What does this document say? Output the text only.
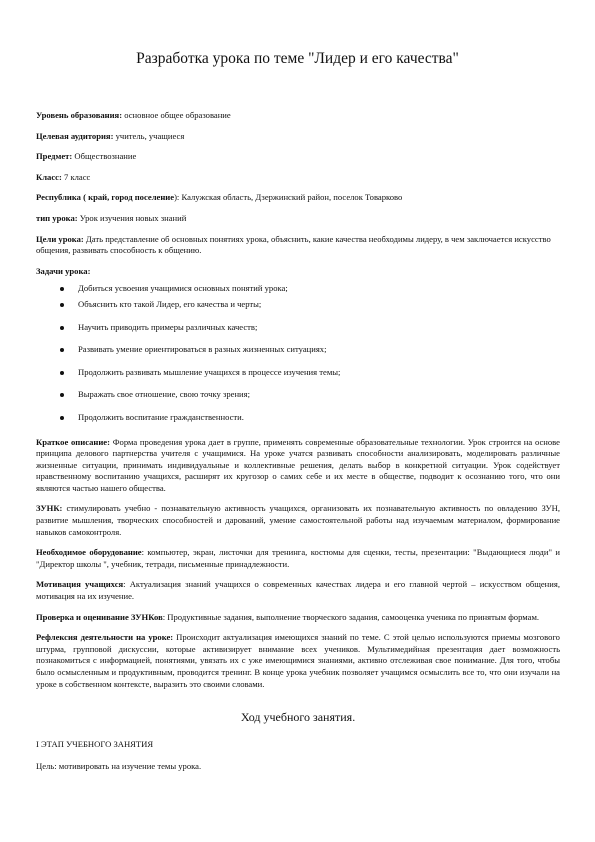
Разработка урока по теме "Лидер и его качества"
Уровень образования: основное общее образование
Целевая аудитория: учитель, учащиеся
Предмет: Обществознание
Класс: 7 класс
Республика ( край, город поселение): Калужская область, Дзержинский район, поселок Товарково
тип урока: Урок изучения новых знаний
Цели урока: Дать представление об основных понятиях урока, объяснить, какие качества необходимы лидеру, в чем заключается искусство общения, развивать способность к общению.
Задачи урока:
Добиться усвоения учащимися основных понятий урока;
Объяснить кто такой Лидер, его качества и черты;
Научить приводить примеры различных качеств;
Развивать умение ориентироваться в разных жизненных ситуациях;
Продолжить развивать мышление учащихся в процессе изучения темы;
Выражать свое отношение, свою точку зрения;
Продолжить воспитание гражданственности.
Краткое описание: Форма проведения урока дает в группе, применять современные образовательные технологии. Урок строится на основе принципа делового партнерства учителя с учащимися. На уроке учатся развивать способности анализировать, моделировать различные жизненные ситуации, принимать индивидуальные и коллективные решения, делать выбор в конкретной ситуации. Урок содействует нравственному воспитанию учащихся, расширят их кругозор о самих себе и их месте в обществе, подводит к осознанию того, что они являются частью нашего общества.
ЗУНК: стимулировать учебно - познавательную активность учащихся, организовать их познавательную активность по овладению ЗУН, развитие мышления, творческих способностей и дарований, умение самостоятельной работы над изучаемым материалом, формирование навыков самоконтроля.
Необходимое оборудование: компьютер, экран, листочки для тренинга, костюмы для сценки, тесты, презентации: "Выдающиеся люди" и "Директор школы ", учебник, тетради, письменные принадлежности.
Мотивация учащихся: Актуализация знаний учащихся о современных качествах лидера и его главной чертой – искусством общения, мотивация на их изучение.
Проверка и оценивание ЗУНКов: Продуктивные задания, выполнение творческого задания, самооценка ученика по принятым формам.
Рефлексия деятельности на уроке: Происходит актуализация имеющихся знаний по теме. С этой целью используются приемы мозгового штурма, групповой дискуссии, которые активизирует внимание всех учеников. Мультимедийная презентация дает возможность познакомиться с информацией, понятиями, увязать их с уже имеющимися знаниями, активно отслеживая свое понимание. Для того, чтобы было осмысленным и продуктивным, проводится тренинг. В конце урока учебник позволяет учащимся осмыслить все то, что они изучали на уроке в собственном контексте, выразить это своими словами.
Ход учебного занятия.
I ЭТАП УЧЕБНОГО ЗАНЯТИЯ
Цель: мотивировать на изучение темы урока.
